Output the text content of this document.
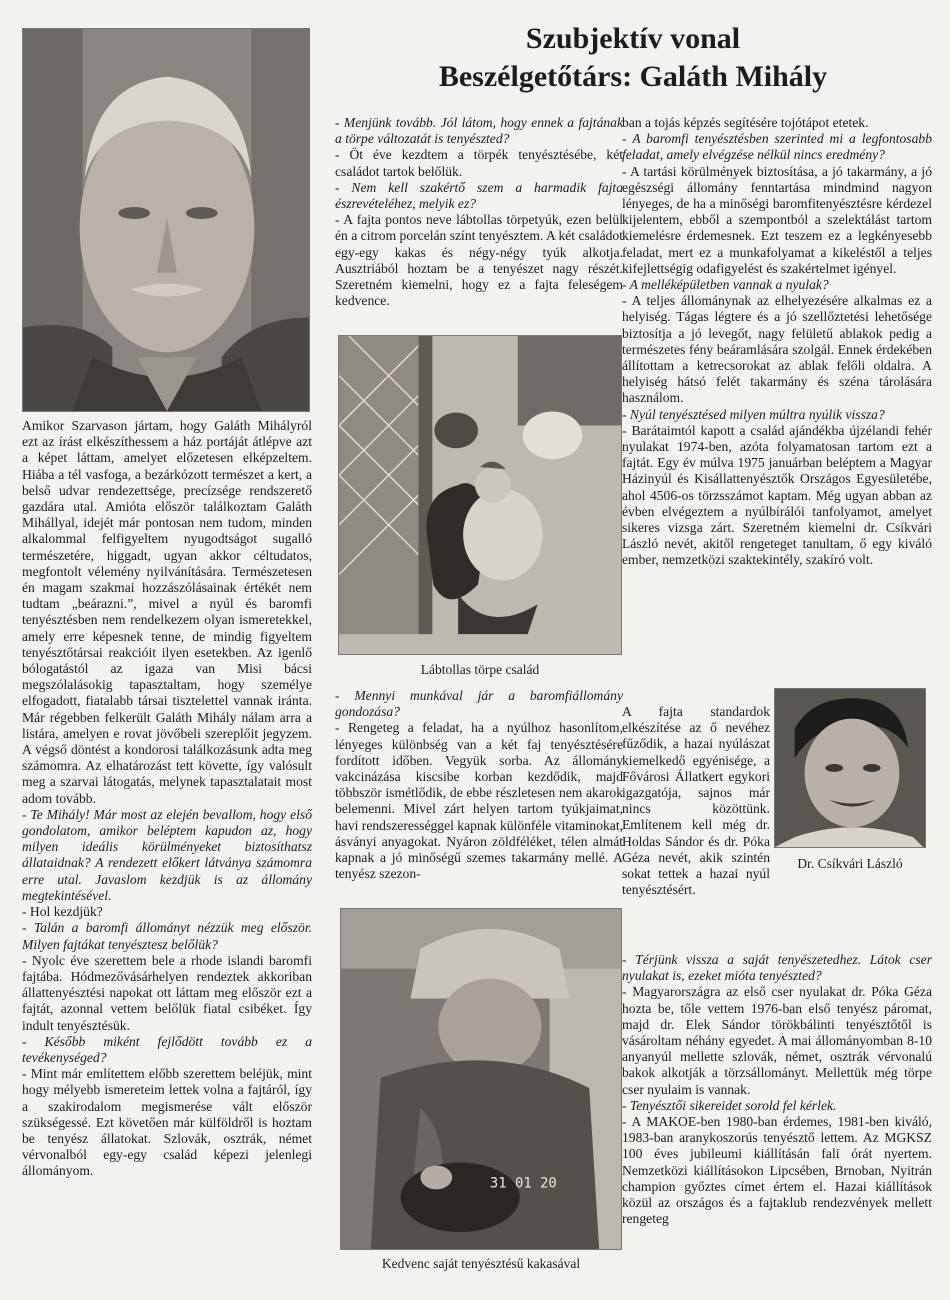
Szubjektív vonal
Beszélgetőtárs: Galáth Mihály

Amikor Szarvason jártam, hogy Galáth Mihályról ezt az írást elkészíthessem a ház portáját átlépve azt a képet láttam, amelyet előzetesen elképzeltem. Hiába a tél vasfoga, a bezárkózott természet a kert, a belső udvar rendezettsége, precízsége rendszerető gazdára utal. Amióta először találkoztam Galáth Mihállyal, idejét már pontosan nem tudom, minden alkalommal felfigyeltem nyugodtságot sugalló természetére, higgadt, ugyan akkor céltudatos, megfontolt vélemény nyilvánítására. Természetesen én magam szakmai hozzászólásainak értékét nem tudtam „beárazni.”, mivel a nyúl és baromfi tenyésztésben nem rendelkezem olyan ismeretekkel, amely erre képesnek tenne, de mindig figyeltem tenyésztőtársai reakcióit ilyen esetekben. Az igenlő bólogatástól az igaza van Misi bácsi megszólalásokig tapasztaltam, hogy személye elfogadott, fiatalabb társai tisztelettel vannak iránta. Már régebben felkerült Galáth Mihály nálam arra a listára, amelyen e rovat jövőbeli szereplőit jegyzem. A végső döntést a kondorosi találkozásunk adta meg számomra. Az elhatározást tett követte, így valósult meg a szarvai látogatás, melynek tapasztalatait most adom tovább.

- Te Mihály! Már most az elején bevallom, hogy első gondolatom, amikor beléptem kapudon az, hogy milyen ideális körülményeket biztosíthatsz állataidnak? A rendezett előkert látványa számomra erre utal. Javaslom kezdjük is az állomány megtekintésével.

- Hol kezdjük?

- Talán a baromfi állományt nézzük meg először. Milyen fajtákat tenyésztesz belőlük?

- Nyolc éve szerettem bele a rhode islandi baromfi fajtába. Hódmezővásárhelyen rendeztek akkoriban állattenyésztési napokat ott láttam meg először ezt a fajtát, azonnal vettem belőlük fiatal csibéket. Így indult tenyésztésük.

- Később miként fejlődött tovább ez a tevékenységed?

- Mint már említettem előbb szerettem beléjük, mint hogy mélyebb ismereteim lettek volna a fajtáról, így a szakirodalom megismerése vált először szükségessé. Ezt követően már külföldről is hoztam be tenyész állatokat. Szlovák, osztrák, német vérvonalból egy-egy család képezi jelenlegi állományom.

- Menjünk tovább. Jól látom, hogy ennek a fajtának a törpe változatát is tenyészted?

- Öt éve kezdtem a törpék tenyésztésébe, két családot tartok belőlük.

- Nem kell szakértő szem a harmadik fajta észrevételéhez, melyik ez?

- A fajta pontos neve lábtollas törpetyúk, ezen belül én a citrom porcelán színt tenyésztem. A két családot egy-egy kakas és négy-négy tyúk alkotja. Ausztriából hoztam be a tenyészet nagy részét. Szeretném kiemelni, hogy ez a fajta feleségem kedvence.

Lábtollas törpe család

- Mennyi munkával jár a baromfiállomány gondozása?

- Rengeteg a feladat, ha a nyúlhoz hasonlítom, lényeges különbség van a két faj tenyésztésére fordított időben. Vegyük sorba. Az állomány vakcinázása kiscsibe korban kezdődik, majd többször ismétlődik, de ebbe részletesen nem akarok belemenni. Mivel zárt helyen tartom tyúkjaimat, havi rendszerességgel kapnak különféle vitaminokat, ásványi anyagokat. Nyáron zöldféléket, télen almát kapnak a jó minőségű szemes takarmány mellé. A tenyész szezon-

31 01 20
Kedvenc saját tenyésztésű kakasával

ban a tojás képzés segítésére tojótápot etetek.

- A baromfi tenyésztésben szerinted mi a legfontosabb feladat, amely elvégzése nélkül nincs eredmény?

- A tartási körülmények biztosítása, a jó takarmány, a jó egészségi állomány fenntartása mindmind nagyon lényeges, de ha a minőségi baromfitenyésztésre kérdezel kijelentem, ebből a szempontból a szelektálást tartom kiemelésre érdemesnek. Ezt teszem ez a legkényesebb feladat, mert ez a munkafolyamat a kikeléstől a teljes kifejlettségig odafigyelést és szakértelmet igényel.

- A melléképületben vannak a nyulak?

- A teljes állománynak az elhelyezésére alkalmas ez a helyiség. Tágas légtere és a jó szellőztetési lehetősége biztosítja a jó levegőt, nagy felületű ablakok pedig a természetes fény beáramlására szolgál. Ennek érdekében állítottam a ketrecsorokat az ablak felőli oldalra. A helyiség hátsó felét takarmány és széna tárolására használom.

- Nyúl tenyésztésed milyen múltra nyúlik vissza?

- Barátaimtól kapott a család ajándékba újzélandi fehér nyulakat 1974-ben, azóta folyamatosan tartom ezt a fajtát. Egy év múlva 1975 januárban beléptem a Magyar Házinyúl és Kisállattenyésztők Országos Egyesületébe, ahol 4506-os törzsszámot kaptam. Még ugyan abban az évben elvégeztem a nyúlbírálói tanfolyamot, amelyet sikeres vizsga zárt. Szeretném kiemelni dr. Csíkvári László nevét, akitől rengeteget tanultam, ő egy kiváló ember, nemzetközi szaktekintély, szakíró volt.

A fajta standardok elkészítése az ő nevéhez fűződik, a hazai nyúlászat kiemelkedő egyénisége, a Fővárosi Állatkert egykori igazgatója, sajnos már nincs közöttünk. Említenem kell még dr. Holdas Sándor és dr. Póka Géza nevét, akik szintén sokat tettek a hazai nyúl tenyésztésért.

Dr. Csíkvári László

- Térjünk vissza a saját tenyészetedhez. Látok cser nyulakat is, ezeket mióta tenyészted?

- Magyarországra az első cser nyulakat dr. Póka Géza hozta be, tőle vettem 1976-ban első tenyész páromat, majd dr. Elek Sándor törökbálinti tenyésztőtől is vásároltam néhány egyedet. A mai állományomban 8-10 anyanyúl mellette szlovák, német, osztrák vérvonalú bakok alkotják a törzsállományt. Mellettük még törpe cser nyulaim is vannak.

- Tenyésztői sikereidet sorold fel kérlek.

- A MAKOE-ben 1980-ban érdemes, 1981-ben kiváló, 1983-ban aranykoszorús tenyésztő lettem. Az MGKSZ 100 éves jubileumi kiállításán fali órát nyertem. Nemzetközi kiállításokon Lipcsében, Brnoban, Nyitrán champion győztes címet értem el. Hazai kiállítások közül az országos és a fajtaklub rendezvények mellett rengeteg
